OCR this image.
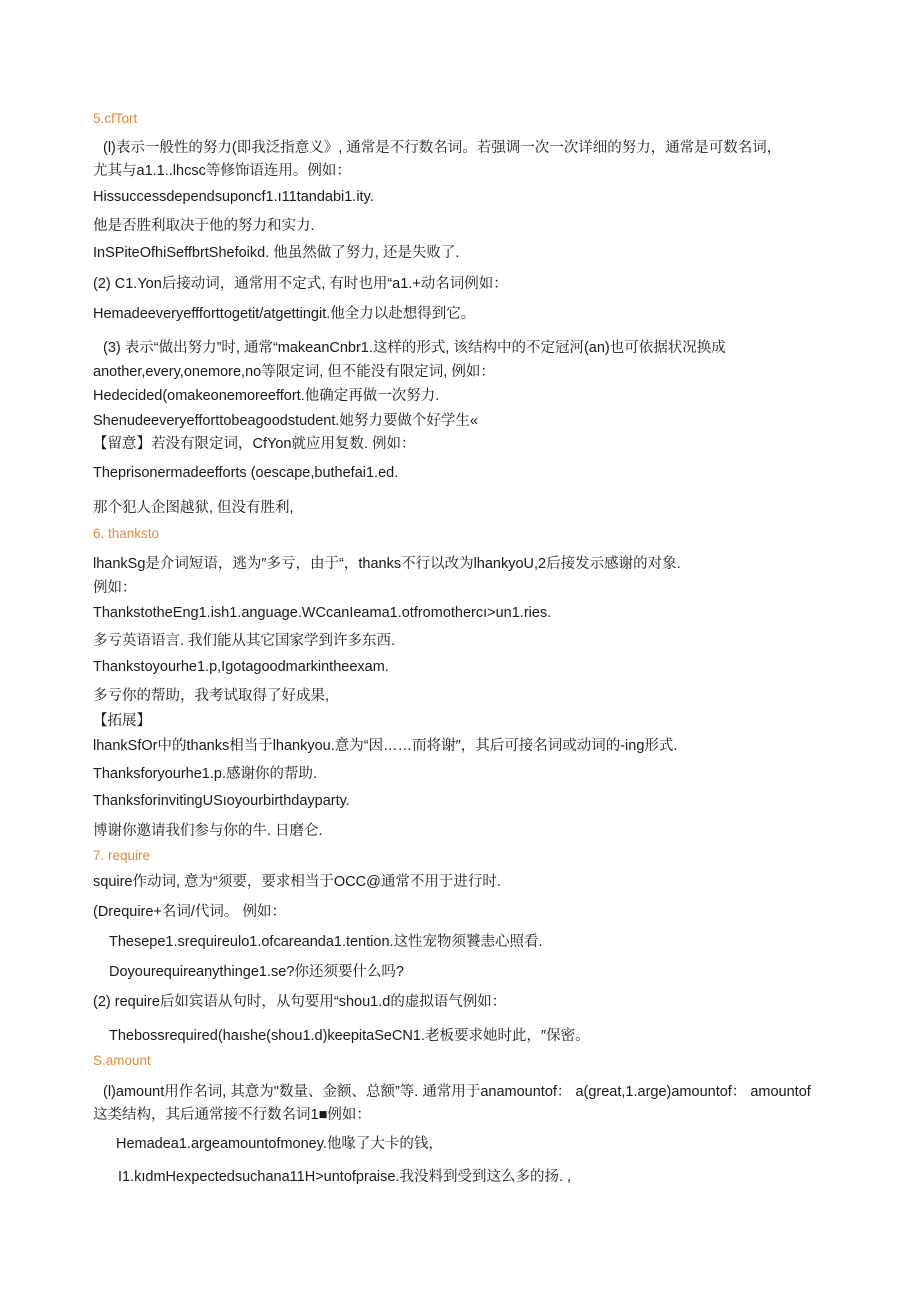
5.cfTort
(l)表示一般性的努力(即我泛指意义》, 通常是不行数名词。若强调一次一次详细的努力，通常是可数名词，
尤其与a1.1..lhcsc等修饰语连用。例如：
Hissuccessdependsuponcf1.ı11tandabi1.ity.
他是否胜利取决于他的努力和实力.
InSPiteOfhiSeffbrtShefoikd. 他虽然做了努力, 还是失败了.
(2) C1.Yon后接动词，通常用不定式, 有时也用“a1.+动名词例如：
Hemadeeveryeffforttogetit/atgettingit.他全力以赴想得到它。
(3) 表示“做出努力”时, 通常“makeanCnbr1.这样的形式, 该结构中的不定冠河(an)也可依据状况换成
another,every,onemore,no等限定词, 但不能没有限定词, 例如：
Hedecided(omakeonemoreeffort.他确定再做一次努力.
Shenudeeveryefforttobeagoodstudent.她努力要做个好学生«
【留意】若没有限定词，CfYon就应用复数. 例如：
Theprisonermadeefforts (oescape,buthefai1.ed.
那个犯人企图越狱, 但没有胜利,
6. thanksto
lhankSg是介词短语，逃为″多亏，由于“，thanks不行以改为lhankyoU,2后接发示感谢的对象.
例如：
ThankstotheEng1.ish1.anguage.WCcanIeama1.otfromothercı>un1.ries.
多亏英语语言. 我们能从其它国家学到许多东西.
Thankstoyourhe1.p,Igotagoodmarkintheexam.
多亏你的帮助，我考试取得了好成果,
【拓展】
lhankSfOr中的thanks相当于lhankyou.意为“因……而将谢″，其后可接名词或动词的-ing形式.
Thanksforyourhe1.p.感谢你的帮助.
ThanksforinvitingUSıoyourbirthdayparty.
博谢你邀请我们参与你的牛. 日磨仑.
7. require
squire作动词, 意为“须要，要求相当于OCC@通常不用于进行时.
(Drequire+名词/代词。 例如：
Thesepe1.srequireulo1.ofcareanda1.tention.这性宠物须饕恚心照看.
Doyourequireanythinge1.se?你还须要什么吗?
(2) require后如宾语从句时，从句要用“shou1.d的虚拟语气例如：
Thebossrequired(haıshe(shou1.d)keepitaSeCN1.老板要求她时此，″保密。
S.amount
(l)amount用作名词, 其意为"数量、金额、总额”等. 通常用于anamountof： a(great,1.arge)amountof： amountof
这类结构，其后通常接不行数名词1■例如：
Hemadea1.argeamountofmoney.他喙了大卡的钱，
I1.kıdmHexpectedsuchana11H>untofpraise.我没料到受到这么多的扬. ,
